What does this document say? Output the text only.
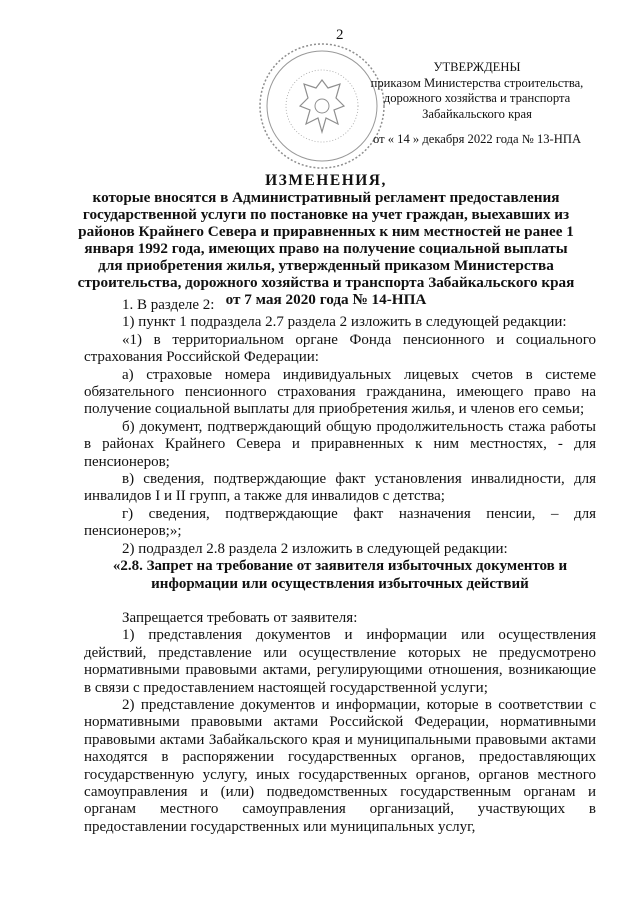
2
УТВЕРЖДЕНЫ
приказом Министерства строительства,
дорожного хозяйства и транспорта
Забайкальского края
от « 14 » декабря 2022 года № 13-НПА
ИЗМЕНЕНИЯ,
которые вносятся в Административный регламент предоставления государственной услуги по постановке на учет граждан, выехавших из районов Крайнего Севера и приравненных к ним местностей не ранее 1 января 1992 года, имеющих право на получение социальной выплаты для приобретения жилья, утвержденный приказом Министерства строительства, дорожного хозяйства и транспорта Забайкальского края от 7 мая 2020 года № 14-НПА

1. В разделе 2:

1) пункт 1 подраздела 2.7 раздела 2 изложить в следующей редакции:

«1) в территориальном органе Фонда пенсионного и социального страхования Российской Федерации:

а) страховые номера индивидуальных лицевых счетов в системе обязательного пенсионного страхования гражданина, имеющего право на получение социальной выплаты для приобретения жилья, и членов его семьи;

б) документ, подтверждающий общую продолжительность стажа работы в районах Крайнего Севера и приравненных к ним местностях, - для пенсионеров;

в) сведения, подтверждающие факт установления инвалидности, для инвалидов I и II групп, а также для инвалидов с детства;

г) сведения, подтверждающие факт назначения пенсии, – для пенсионеров;»;

2) подраздел 2.8 раздела 2 изложить в следующей редакции:

«2.8. Запрет на требование от заявителя избыточных документов и информации или осуществления избыточных действий

Запрещается требовать от заявителя:

1) представления документов и информации или осуществления действий, представление или осуществление которых не предусмотрено нормативными правовыми актами, регулирующими отношения, возникающие в связи с предоставлением настоящей государственной услуги;

2) представление документов и информации, которые в соответствии с нормативными правовыми актами Российской Федерации, нормативными правовыми актами Забайкальского края и муниципальными правовыми актами находятся в распоряжении государственных органов, предоставляющих государственную услугу, иных государственных органов, органов местного самоуправления и (или) подведомственных государственным органам и органам местного самоуправления организаций, участвующих в предоставлении государственных или муниципальных услуг,
